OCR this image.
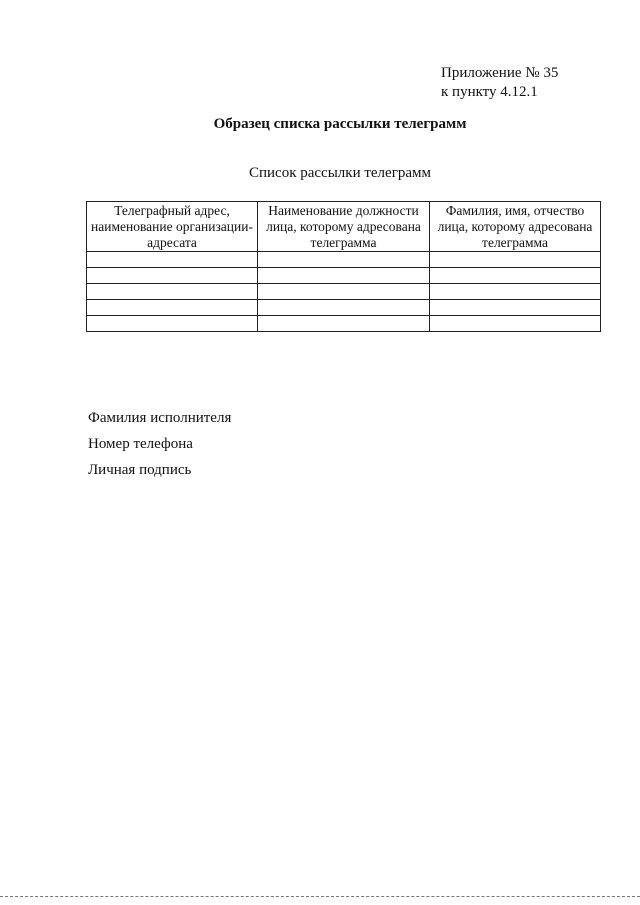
Приложение № 35
к пункту 4.12.1
Образец списка рассылки телеграмм
Список рассылки телеграмм
Телеграфный адрес, наименование организации-адресата	Наименование должности лица, которому адресована телеграмма	Фамилия, имя, отчество лица, которому адресована телеграмма

Фамилия исполнителя
Номер телефона
Личная подпись
